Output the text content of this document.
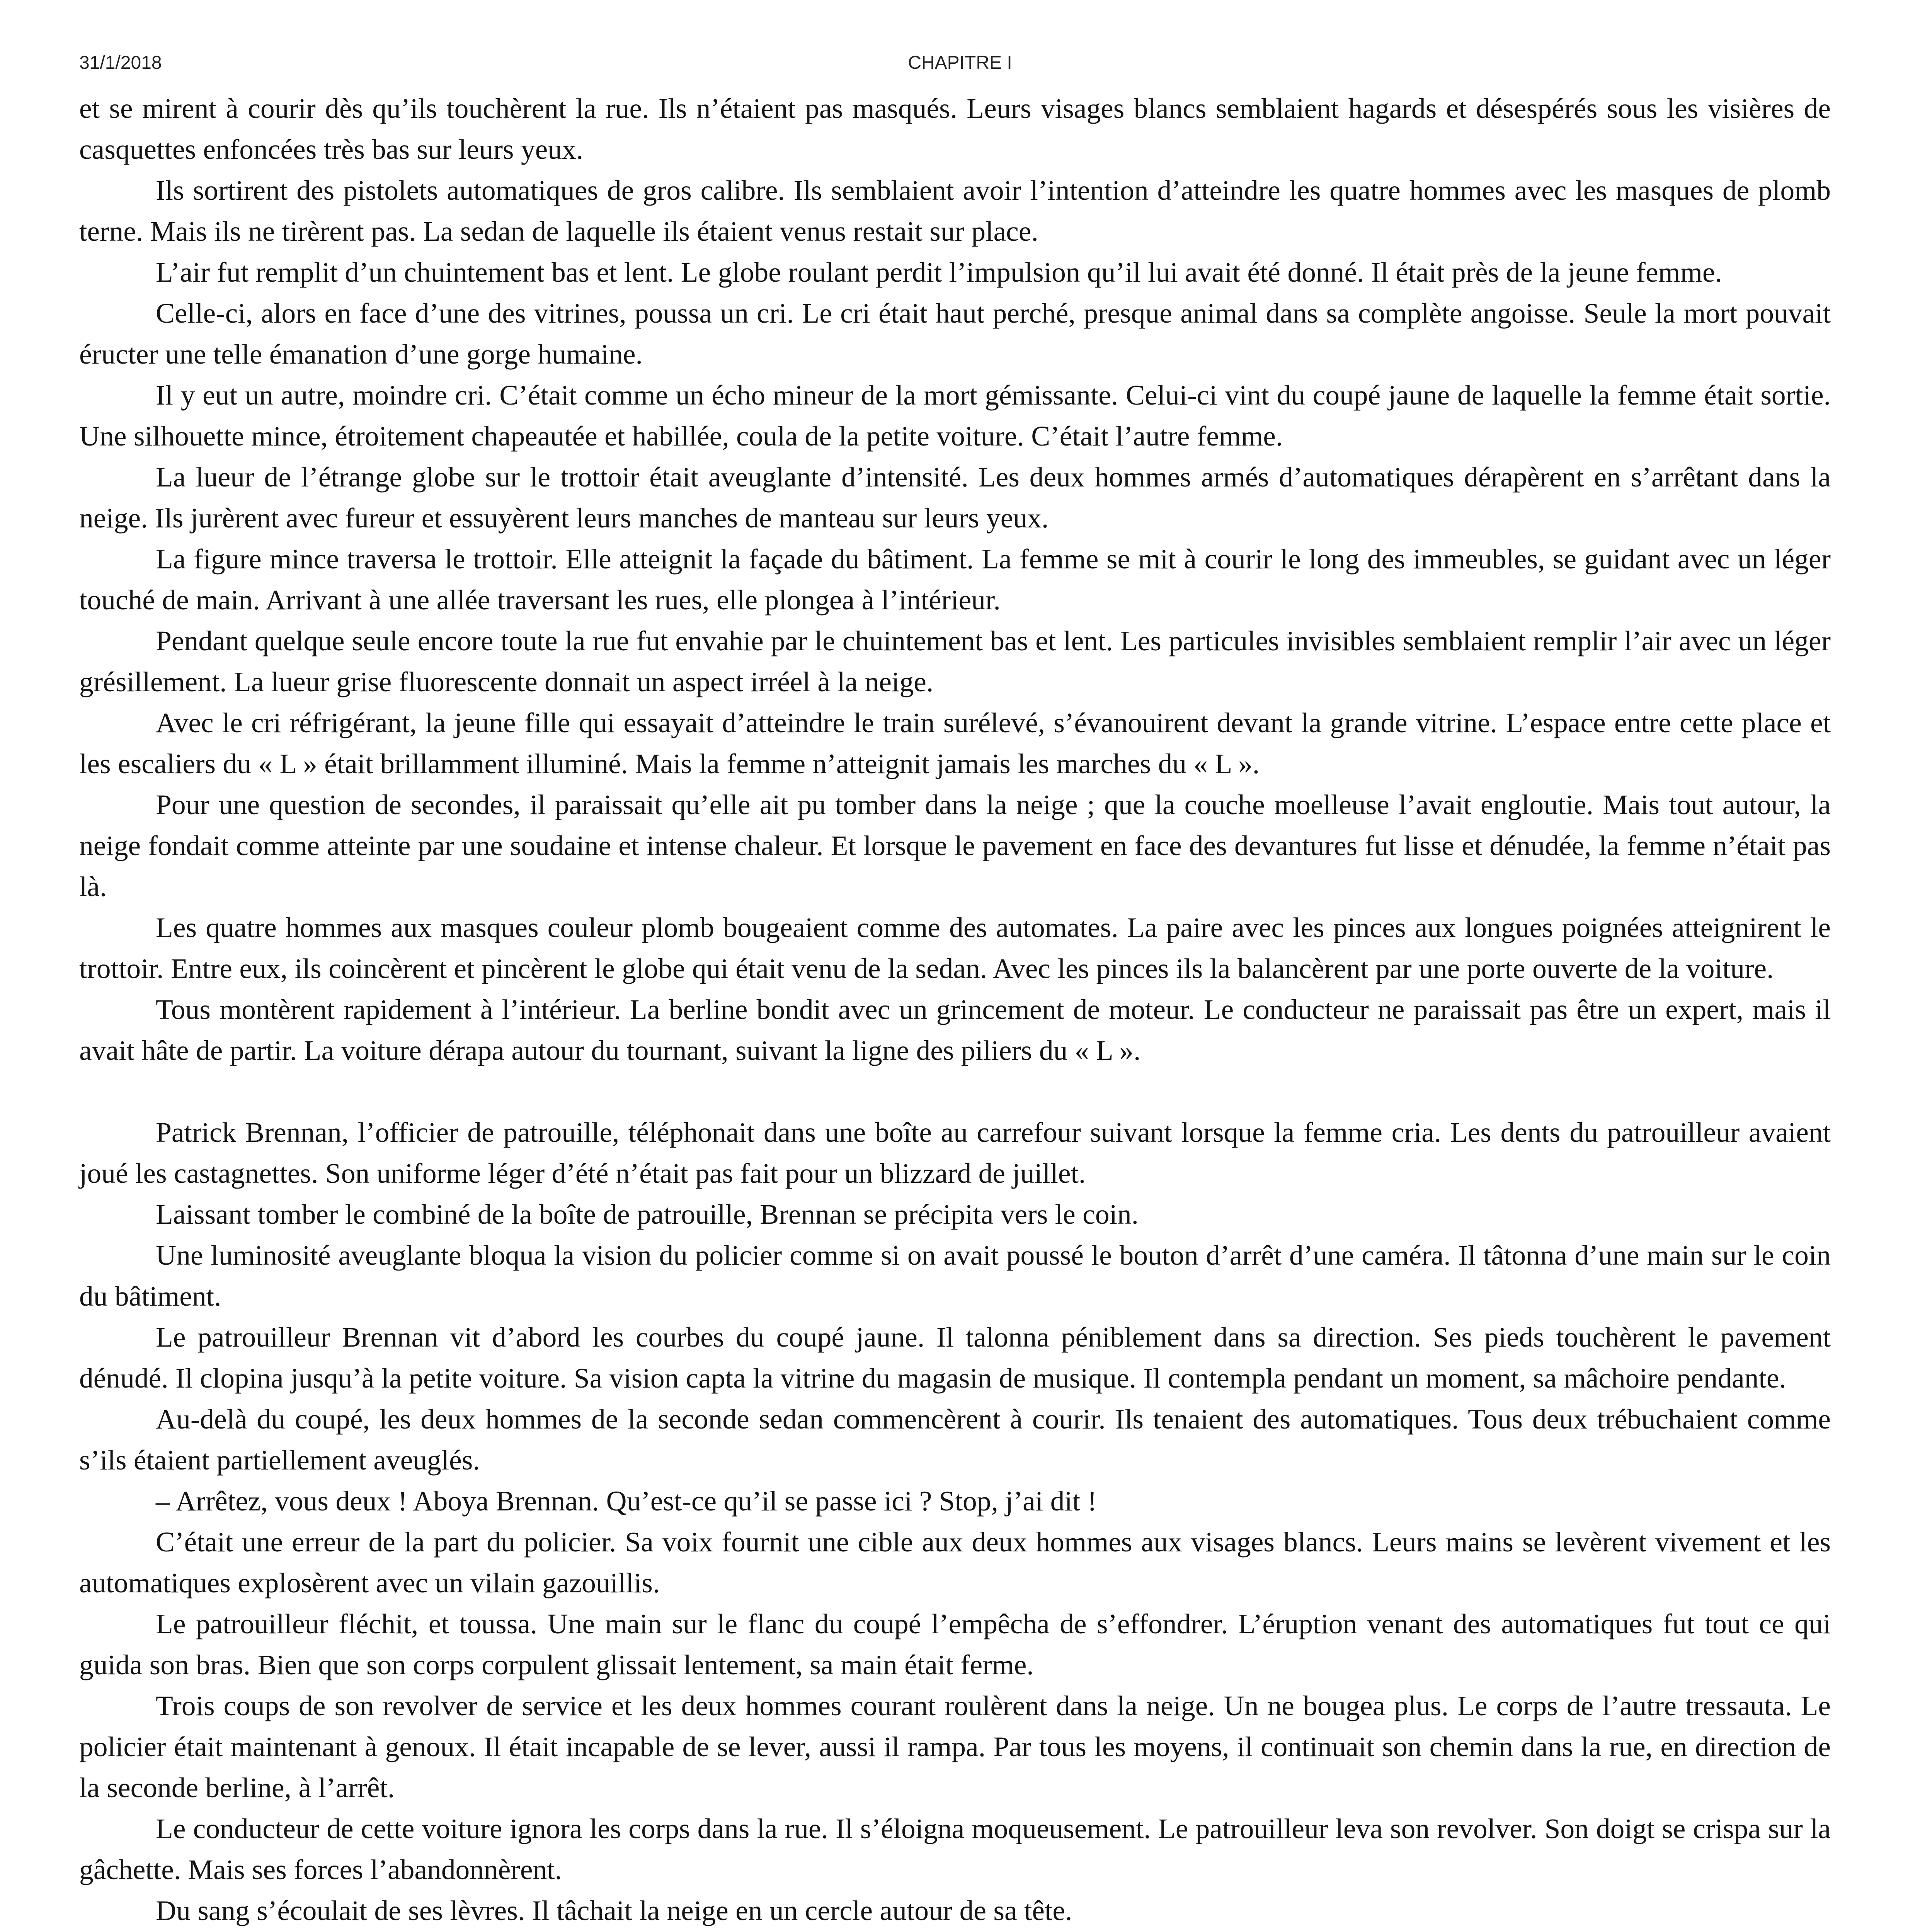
31/1/2018	CHAPITRE I

et se mirent à courir dès qu’ils touchèrent la rue. Ils n’étaient pas masqués. Leurs visages blancs semblaient hagards et désespérés sous les visières de casquettes enfoncées très bas sur leurs yeux.

Ils sortirent des pistolets automatiques de gros calibre. Ils semblaient avoir l’intention d’atteindre les quatre hommes avec les masques de plomb terne. Mais ils ne tirèrent pas. La sedan de laquelle ils étaient venus restait sur place.

L’air fut remplit d’un chuintement bas et lent. Le globe roulant perdit l’impulsion qu’il lui avait été donné. Il était près de la jeune femme.

Celle-ci, alors en face d’une des vitrines, poussa un cri. Le cri était haut perché, presque animal dans sa complète angoisse. Seule la mort pouvait éructer une telle émanation d’une gorge humaine.

Il y eut un autre, moindre cri. C’était comme un écho mineur de la mort gémissante. Celui-ci vint du coupé jaune de laquelle la femme était sortie. Une silhouette mince, étroitement chapeautée et habillée, coula de la petite voiture. C’était l’autre femme.

La lueur de l’étrange globe sur le trottoir était aveuglante d’intensité. Les deux hommes armés d’automatiques dérapèrent en s’arrêtant dans la neige. Ils jurèrent avec fureur et essuyèrent leurs manches de manteau sur leurs yeux.

La figure mince traversa le trottoir. Elle atteignit la façade du bâtiment. La femme se mit à courir le long des immeubles, se guidant avec un léger touché de main. Arrivant à une allée traversant les rues, elle plongea à l’intérieur.

Pendant quelque seule encore toute la rue fut envahie par le chuintement bas et lent. Les particules invisibles semblaient remplir l’air avec un léger grésillement. La lueur grise fluorescente donnait un aspect irréel à la neige.

Avec le cri réfrigérant, la jeune fille qui essayait d’atteindre le train surélevé, s’évanouirent devant la grande vitrine. L’espace entre cette place et les escaliers du « L » était brillamment illuminé. Mais la femme n’atteignit jamais les marches du « L ».

Pour une question de secondes, il paraissait qu’elle ait pu tomber dans la neige ; que la couche moelleuse l’avait engloutie. Mais tout autour, la neige fondait comme atteinte par une soudaine et intense chaleur. Et lorsque le pavement en face des devantures fut lisse et dénudée, la femme n’était pas là.

Les quatre hommes aux masques couleur plomb bougeaient comme des automates. La paire avec les pinces aux longues poignées atteignirent le trottoir. Entre eux, ils coincèrent et pincèrent le globe qui était venu de la sedan. Avec les pinces ils la balancèrent par une porte ouverte de la voiture.

Tous montèrent rapidement à l’intérieur. La berline bondit avec un grincement de moteur. Le conducteur ne paraissait pas être un expert, mais il avait hâte de partir. La voiture dérapa autour du tournant, suivant la ligne des piliers du « L ».

Patrick Brennan, l’officier de patrouille, téléphonait dans une boîte au carrefour suivant lorsque la femme cria. Les dents du patrouilleur avaient joué les castagnettes. Son uniforme léger d’été n’était pas fait pour un blizzard de juillet.

Laissant tomber le combiné de la boîte de patrouille, Brennan se précipita vers le coin.

Une luminosité aveuglante bloqua la vision du policier comme si on avait poussé le bouton d’arrêt d’une caméra. Il tâtonna d’une main sur le coin du bâtiment.

Le patrouilleur Brennan vit d’abord les courbes du coupé jaune. Il talonna péniblement dans sa direction. Ses pieds touchèrent le pavement dénudé. Il clopina jusqu’à la petite voiture. Sa vision capta la vitrine du magasin de musique. Il contempla pendant un moment, sa mâchoire pendante.

Au-delà du coupé, les deux hommes de la seconde sedan commencèrent à courir. Ils tenaient des automatiques. Tous deux trébuchaient comme s’ils étaient partiellement aveuglés.

– Arrêtez, vous deux ! Aboya Brennan. Qu’est-ce qu’il se passe ici ? Stop, j’ai dit !

C’était une erreur de la part du policier. Sa voix fournit une cible aux deux hommes aux visages blancs. Leurs mains se levèrent vivement et les automatiques explosèrent avec un vilain gazouillis.

Le patrouilleur fléchit, et toussa. Une main sur le flanc du coupé l’empêcha de s’effondrer. L’éruption venant des automatiques fut tout ce qui guida son bras. Bien que son corps corpulent glissait lentement, sa main était ferme.

Trois coups de son revolver de service et les deux hommes courant roulèrent dans la neige. Un ne bougea plus. Le corps de l’autre tressauta. Le policier était maintenant à genoux. Il était incapable de se lever, aussi il rampa. Par tous les moyens, il continuait son chemin dans la rue, en direction de la seconde berline, à l’arrêt.

Le conducteur de cette voiture ignora les corps dans la rue. Il s’éloigna moqueusement. Le patrouilleur leva son revolver. Son doigt se crispa sur la gâchette. Mais ses forces l’abandonnèrent.

Du sang s’écoulait de ses lèvres. Il tâchait la neige en un cercle autour de sa tête.
